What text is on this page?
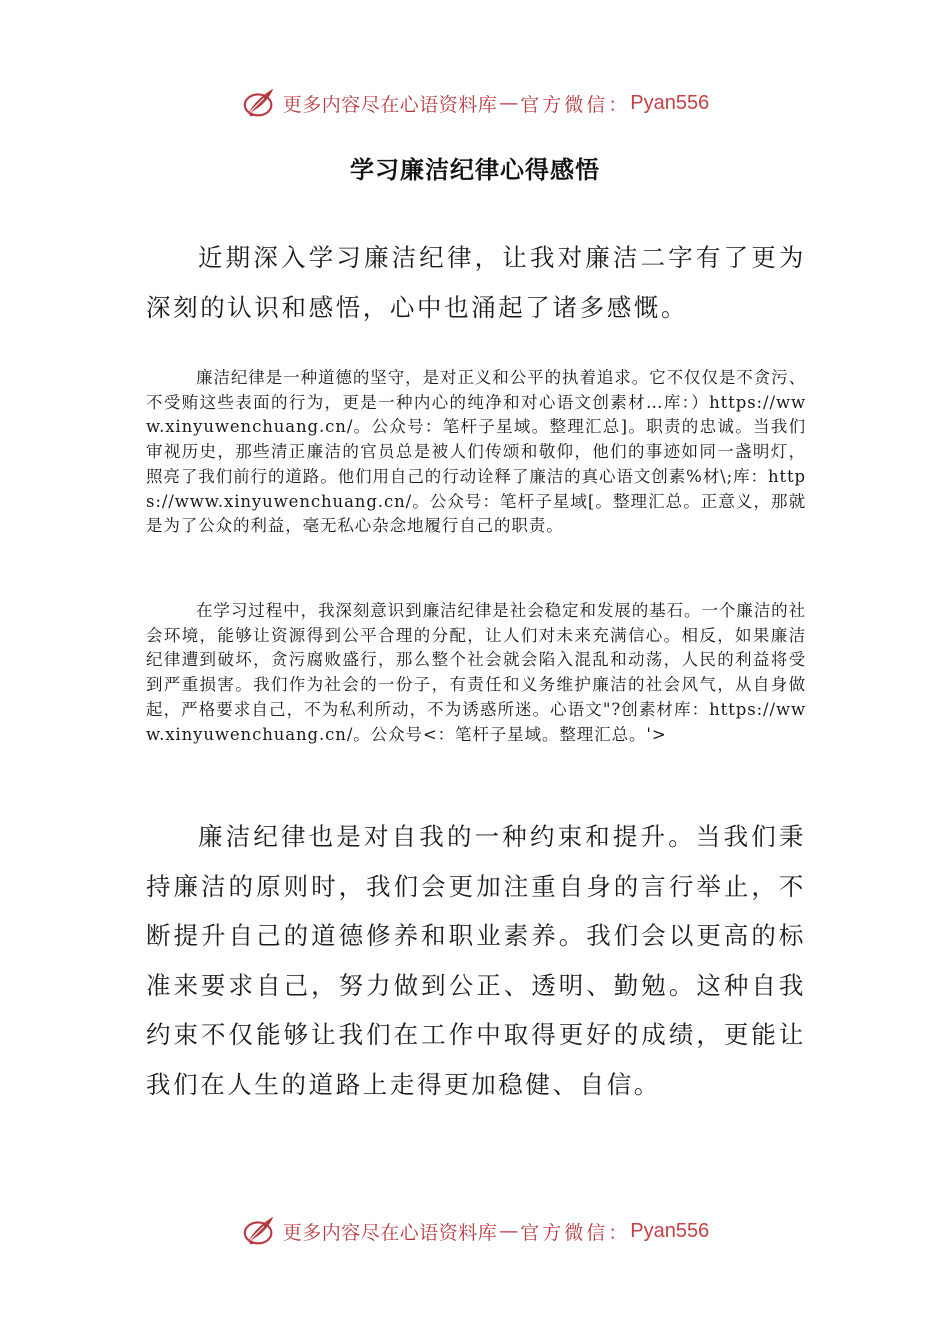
更多内容尽在心语资料库 — 官方微信： Pyan556
学习廉洁纪律心得感悟

近期深入学习廉洁纪律，让我对廉洁二字有了更为深刻的认识和感悟，心中也涌起了诸多感慨。

廉洁纪律是一种道德的坚守，是对正义和公平的执着追求。它不仅仅是不贪污、不受贿这些表面的行为，更是一种内心的纯净和对心语文创素材…库：）https://www.xinyuwenchuang.cn/。公众号：笔杆子星域。整理汇总]。职责的忠诚。当我们审视历史，那些清正廉洁的官员总是被人们传颂和敬仰，他们的事迹如同一盏明灯，照亮了我们前行的道路。他们用自己的行动诠释了廉洁的真心语文创素%材\;库：https://www.xinyuwenchuang.cn/。公众号：笔杆子星域[。整理汇总。正意义，那就是为了公众的利益，毫无私心杂念地履行自己的职责。

在学习过程中，我深刻意识到廉洁纪律是社会稳定和发展的基石。一个廉洁的社会环境，能够让资源得到公平合理的分配，让人们对未来充满信心。相反，如果廉洁纪律遭到破坏，贪污腐败盛行，那么整个社会就会陷入混乱和动荡，人民的利益将受到严重损害。我们作为社会的一份子，有责任和义务维护廉洁的社会风气，从自身做起，严格要求自己，不为私利所动，不为诱惑所迷。心语文"?创素材库：https://www.xinyuwenchuang.cn/。公众号<：笔杆子星域。整理汇总。'>

廉洁纪律也是对自我的一种约束和提升。当我们秉持廉洁的原则时，我们会更加注重自身的言行举止，不断提升自己的道德修养和职业素养。我们会以更高的标准来要求自己，努力做到公正、透明、勤勉。这种自我约束不仅能够让我们在工作中取得更好的成绩，更能让我们在人生的道路上走得更加稳健、自信。

更多内容尽在心语资料库 — 官方微信： Pyan556
